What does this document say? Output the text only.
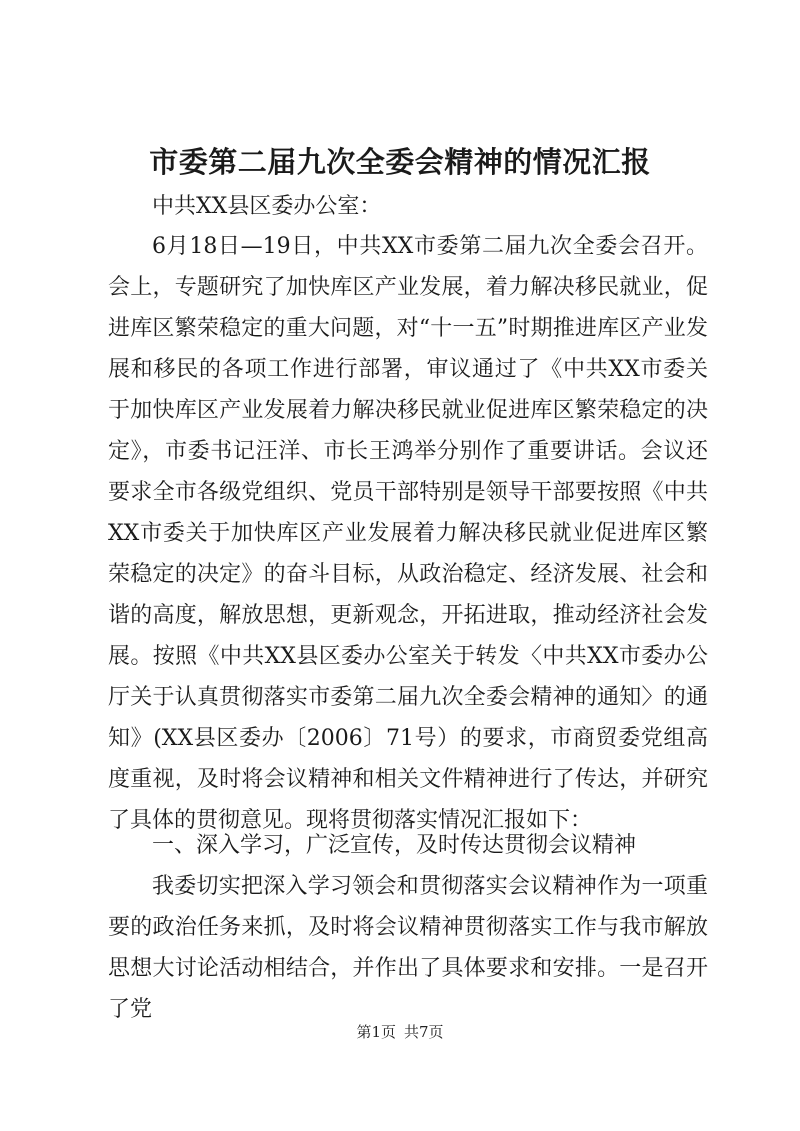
市委第二届九次全委会精神的情况汇报

中共XX县区委办公室：

6月18日—19日，中共XX市委第二届九次全委会召开。会上，专题研究了加快库区产业发展，着力解决移民就业，促进库区繁荣稳定的重大问题，对“十一五”时期推进库区产业发展和移民的各项工作进行部署，审议通过了《中共XX市委关于加快库区产业发展着力解决移民就业促进库区繁荣稳定的决定》，市委书记汪洋、市长王鸿举分别作了重要讲话。会议还要求全市各级党组织、党员干部特别是领导干部要按照《中共XX市委关于加快库区产业发展着力解决移民就业促进库区繁荣稳定的决定》的奋斗目标，从政治稳定、经济发展、社会和谐的高度，解放思想，更新观念，开拓进取，推动经济社会发展。按照《中共XX县区委办公室关于转发〈中共XX市委办公厅关于认真贯彻落实市委第二届九次全委会精神的通知〉的通知》(XX县区委办〔2006〕71号）的要求，市商贸委党组高度重视，及时将会议精神和相关文件精神进行了传达，并研究了具体的贯彻意见。现将贯彻落实情况汇报如下：

一、深入学习，广泛宣传，及时传达贯彻会议精神

我委切实把深入学习领会和贯彻落实会议精神作为一项重要的政治任务来抓，及时将会议精神贯彻落实工作与我市解放思想大讨论活动相结合，并作出了具体要求和安排。一是召开了党

第1页 共7页
